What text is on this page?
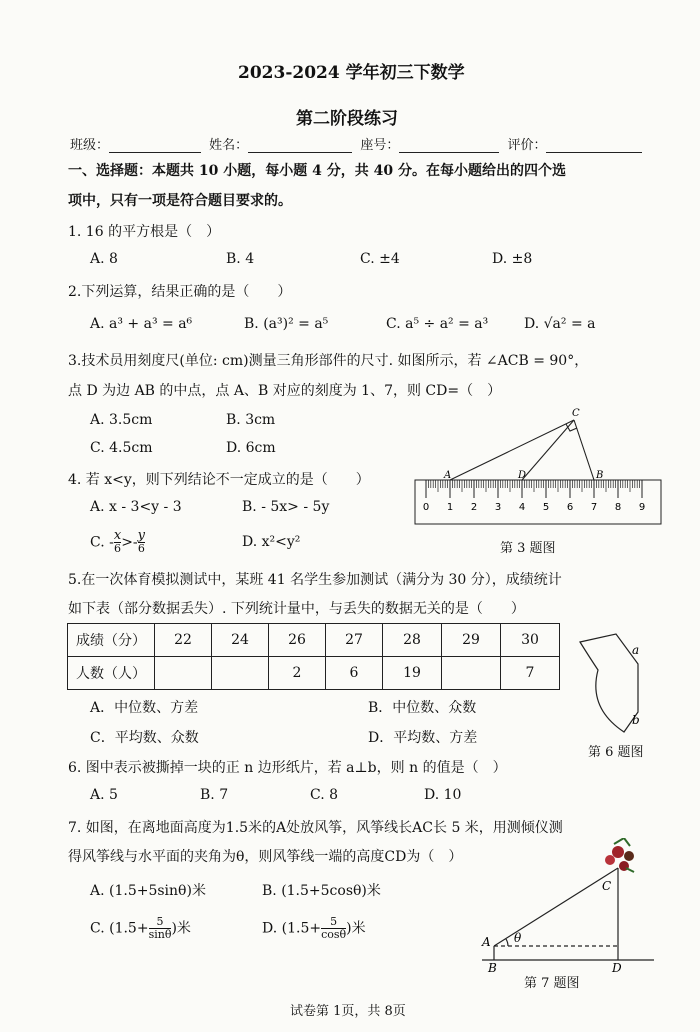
2023-2024 学年初三下数学
第二阶段练习
班级：	姓名：	座号：	评价：
一、选择题：本题共 10 小题，每小题 4 分，共 40 分。在每小题给出的四个选
项中，只有一项是符合题目要求的。
1. 16 的平方根是（　）
A. 8	B. 4	C. ±4	D. ±8
2.下列运算，结果正确的是（　　）
A. a³ + a³ = a⁶	B. (a³)² = a⁵	C. a⁵ ÷ a² = a³	D. √a² = a
3.技术员用刻度尺(单位: cm)测量三角形部件的尺寸. 如图所示，若 ∠ACB = 90°，
点 D 为边 AB 的中点，点 A、B 对应的刻度为 1、7，则 CD=（　）
A. 3.5cm	B. 3cm
C. 4.5cm	D. 6cm
0 1 2 3 4 5 6 7 8 9
A	D	B
C
第 3 题图
4. 若 x<y，则下列结论不一定成立的是（　　）
A. x - 3<y - 3	B. - 5x> - 5y
C. - $\frac{x}{6} >- \frac{y}{6}$	D. x²<y²
5.在一次体育模拟测试中，某班 41 名学生参加测试（满分为 30 分），成绩统计
如下表（部分数据丢失）. 下列统计量中，与丢失的数据无关的是（　　）
成绩（分）	22	24	26	27	28	29	30
人数（人）			2	6	19		7
A．中位数、方差	B．中位数、众数
C．平均数、众数	D．平均数、方差
a
b
第 6 题图
6. 图中表示被撕掉一块的正 n 边形纸片，若 a⊥b，则 n 的值是（　）
A. 5	B. 7	C. 8	D. 10
7. 如图，在离地面高度为1.5米的A处放风筝，风筝线长AC长 5 米，用测倾仪测
得风筝线与水平面的夹角为θ，则风筝线一端的高度CD为（　）
A. (1.5+5sinθ)米	B. (1.5+5cosθ)米
C. ($1.5+ \frac{5}{\sin\theta}$ )米	D. ($1.5+ \frac{5}{\cos\theta}$ )米
A
B
C
D
θ
第 7 题图
试卷第 1页，共 8页
